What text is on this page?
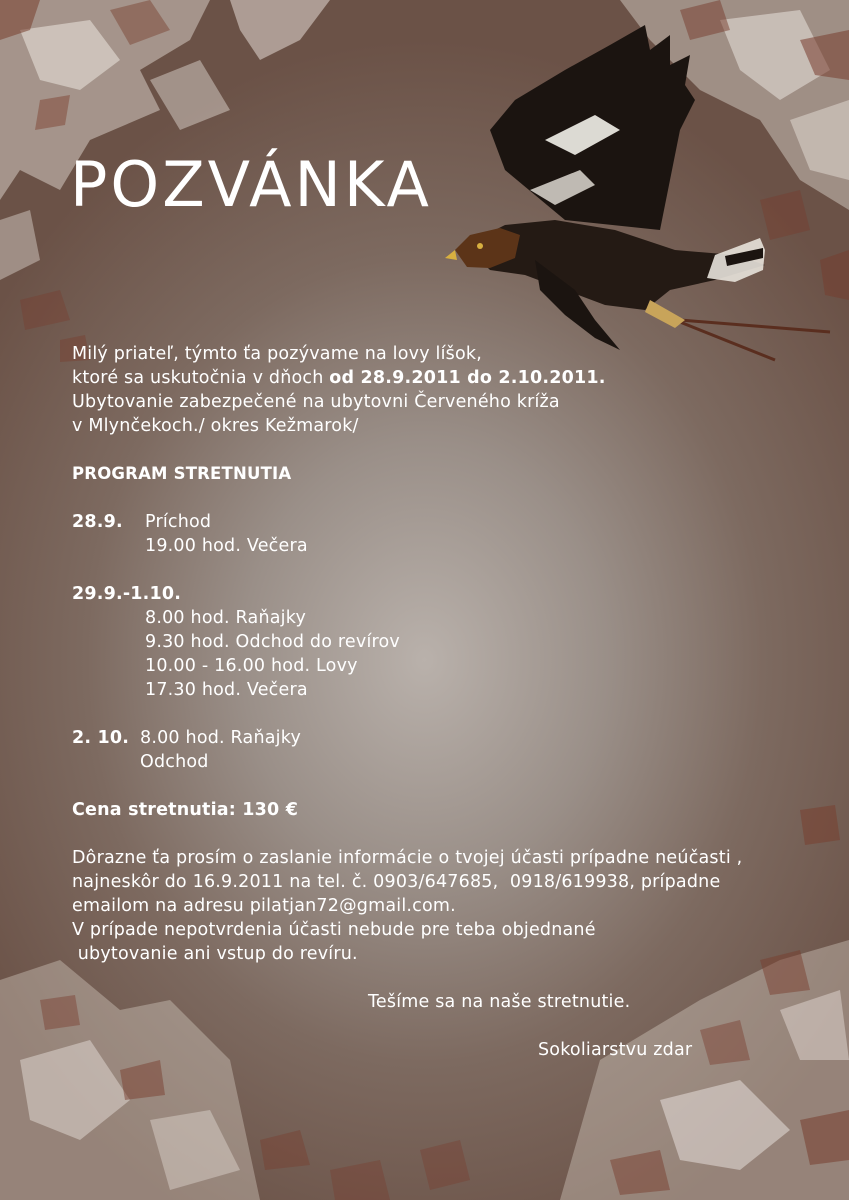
POZVÁNKA
Milý priateľ, týmto ťa pozývame na lovy líšok,
ktoré sa uskutočnia v dňoch od 28.9.2011 do 2.10.2011.
Ubytovanie zabezpečené na ubytovni Červeného kríža
v Mlynčekoch./ okres Kežmarok/
PROGRAM STRETNUTIA
28.9. Príchod
19.00 hod. Večera
29.9.-1.10.
8.00 hod. Raňajky
9.30 hod. Odchod do revírov
10.00 - 16.00 hod. Lovy
17.30 hod. Večera
2. 10. 8.00 hod. Raňajky
Odchod
Cena stretnutia: 130 €
Dôrazne ťa prosím o zaslanie informácie o tvojej účasti prípadne neúčasti ,
najneskôr do 16.9.2011 na tel. č. 0903/647685,  0918/619938, prípadne
emailom na adresu pilatjan72@gmail.com.
V prípade nepotvrdenia účasti nebude pre teba objednané
ubytovanie ani vstup do revíru.
Tešíme sa na naše stretnutie.
Sokoliarstvu zdar
